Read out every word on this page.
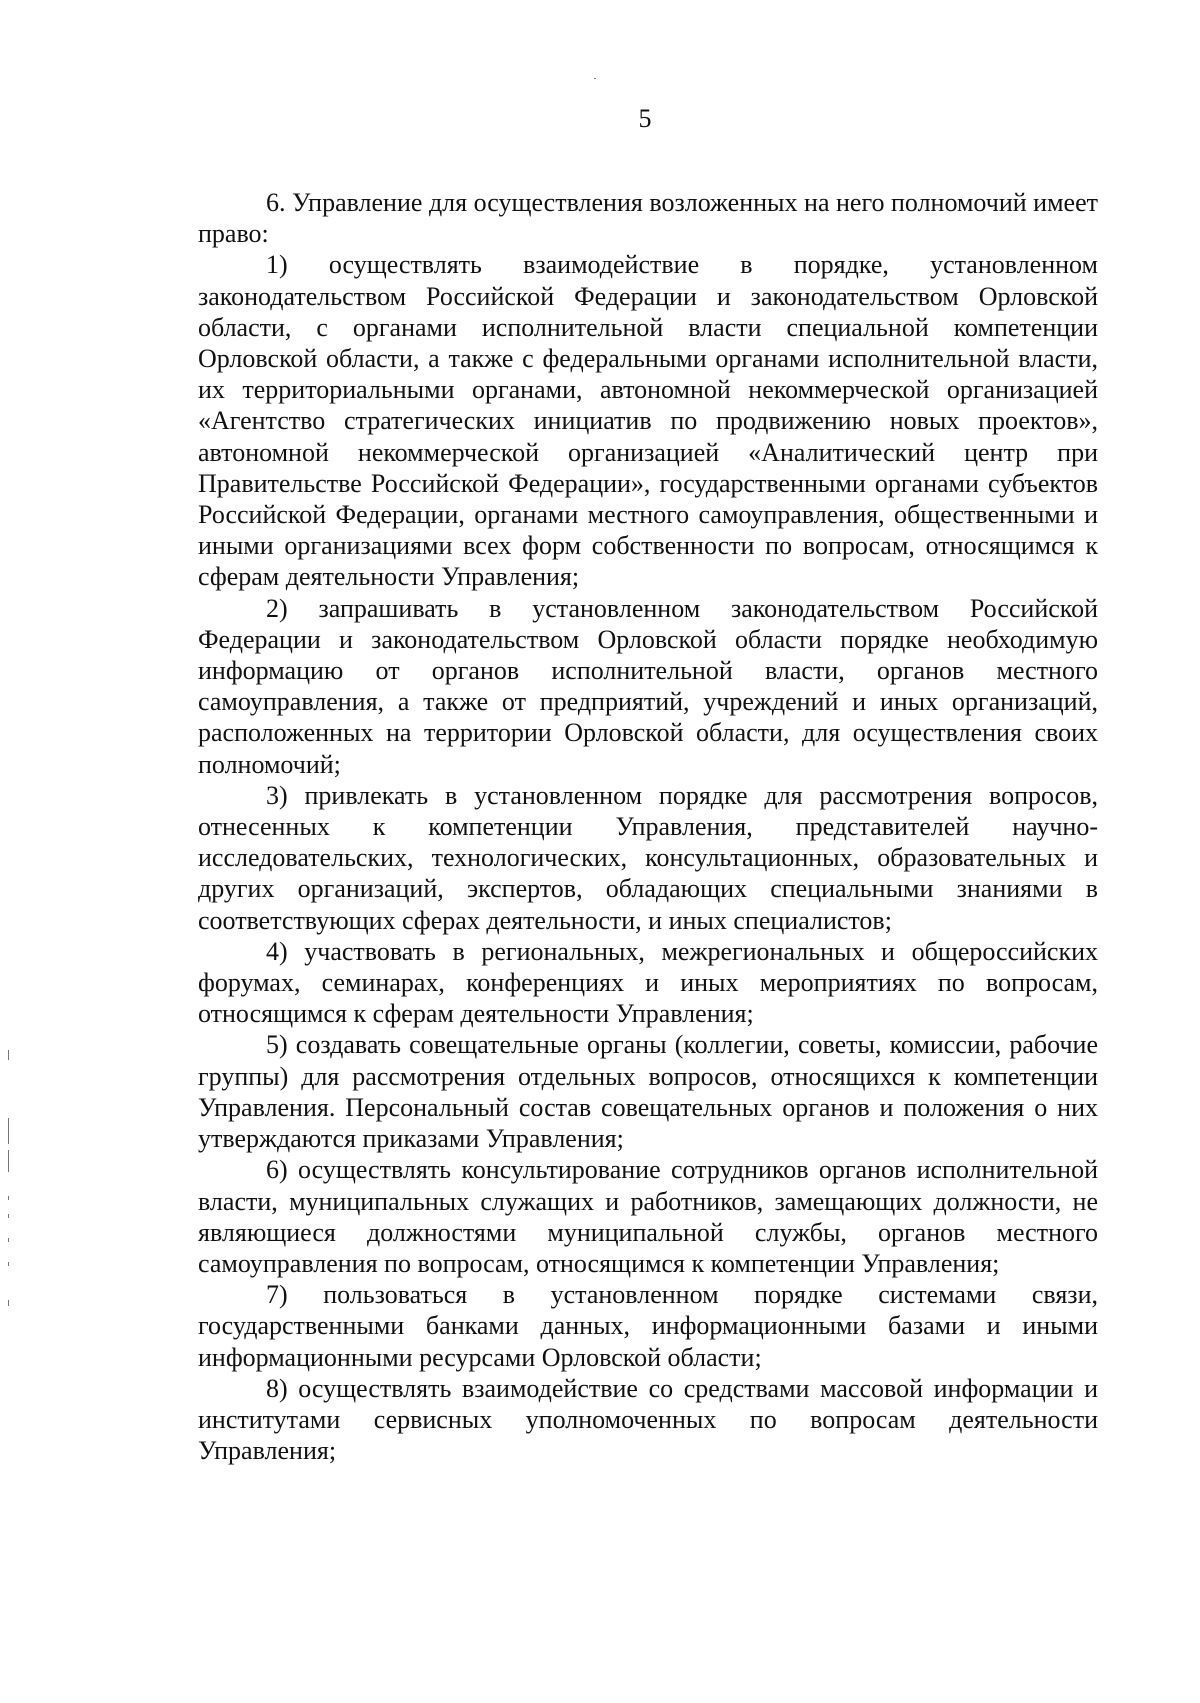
5

6. Управление для осуществления возложенных на него полномочий имеет право:

1) осуществлять взаимодействие в порядке, установленном законодательством Российской Федерации и законодательством Орловской области, с органами исполнительной власти специальной компетенции Орловской области, а также с федеральными органами исполнительной власти, их территориальными органами, автономной некоммерческой организацией «Агентство стратегических инициатив по продвижению новых проектов», автономной некоммерческой организацией «Аналитический центр при Правительстве Российской Федерации», государственными органами субъектов Российской Федерации, органами местного самоуправления, общественными и иными организациями всех форм собственности по вопросам, относящимся к сферам деятельности Управления;

2) запрашивать в установленном законодательством Российской Федерации и законодательством Орловской области порядке необходимую информацию от органов исполнительной власти, органов местного самоуправления, а также от предприятий, учреждений и иных организаций, расположенных на территории Орловской области, для осуществления своих полномочий;

3) привлекать в установленном порядке для рассмотрения вопросов, отнесенных к компетенции Управления, представителей научно-исследовательских, технологических, консультационных, образовательных и других организаций, экспертов, обладающих специальными знаниями в соответствующих сферах деятельности, и иных специалистов;

4) участвовать в региональных, межрегиональных и общероссийских форумах, семинарах, конференциях и иных мероприятиях по вопросам, относящимся к сферам деятельности Управления;

5) создавать совещательные органы (коллегии, советы, комиссии, рабочие группы) для рассмотрения отдельных вопросов, относящихся к компетенции Управления. Персональный состав совещательных органов и положения о них утверждаются приказами Управления;

6) осуществлять консультирование сотрудников органов исполнительной власти, муниципальных служащих и работников, замещающих должности, не являющиеся должностями муниципальной службы, органов местного самоуправления по вопросам, относящимся к компетенции Управления;

7) пользоваться в установленном порядке системами связи, государственными банками данных, информационными базами и иными информационными ресурсами Орловской области;

8) осуществлять взаимодействие со средствами массовой информации и институтами сервисных уполномоченных по вопросам деятельности Управления;
